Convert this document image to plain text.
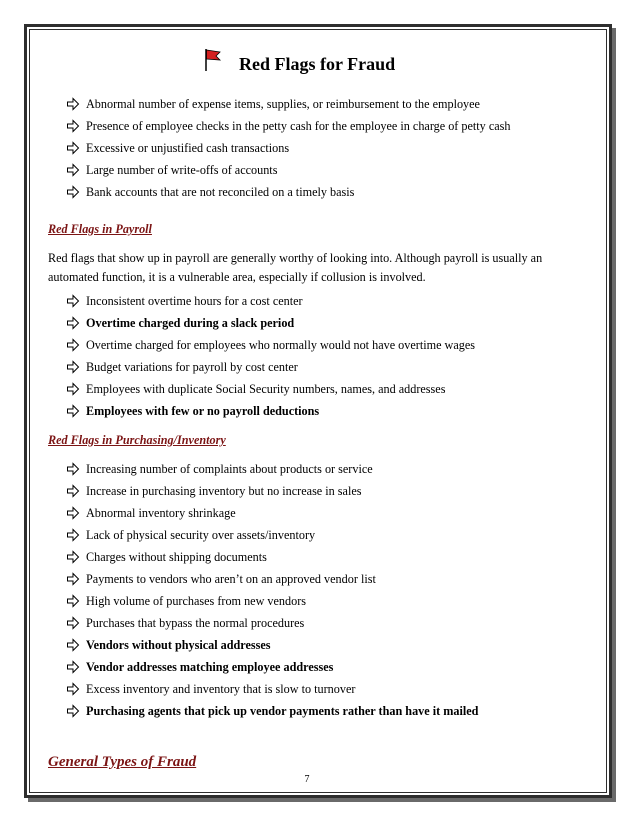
Red Flags for Fraud
Abnormal number of expense items, supplies, or reimbursement to the employee
Presence of employee checks in the petty cash for the employee in charge of petty cash
Excessive or unjustified cash transactions
Large number of write-offs of accounts
Bank accounts that are not reconciled on a timely basis
Red Flags in Payroll
Red flags that show up in payroll are generally worthy of looking into. Although payroll is usually an automated function, it is a vulnerable area, especially if collusion is involved.
Inconsistent overtime hours for a cost center
Overtime charged during a slack period
Overtime charged for employees who normally would not have overtime wages
Budget variations for payroll by cost center
Employees with duplicate Social Security numbers, names, and addresses
Employees with few or no payroll deductions
Red Flags in Purchasing/Inventory
Increasing number of complaints about products or service
Increase in purchasing inventory but no increase in sales
Abnormal inventory shrinkage
Lack of physical security over assets/inventory
Charges without shipping documents
Payments to vendors who aren’t on an approved vendor list
High volume of purchases from new vendors
Purchases that bypass the normal procedures
Vendors without physical addresses
Vendor addresses matching employee addresses
Excess inventory and inventory that is slow to turnover
Purchasing agents that pick up vendor payments rather than have it mailed
General Types of Fraud
7
